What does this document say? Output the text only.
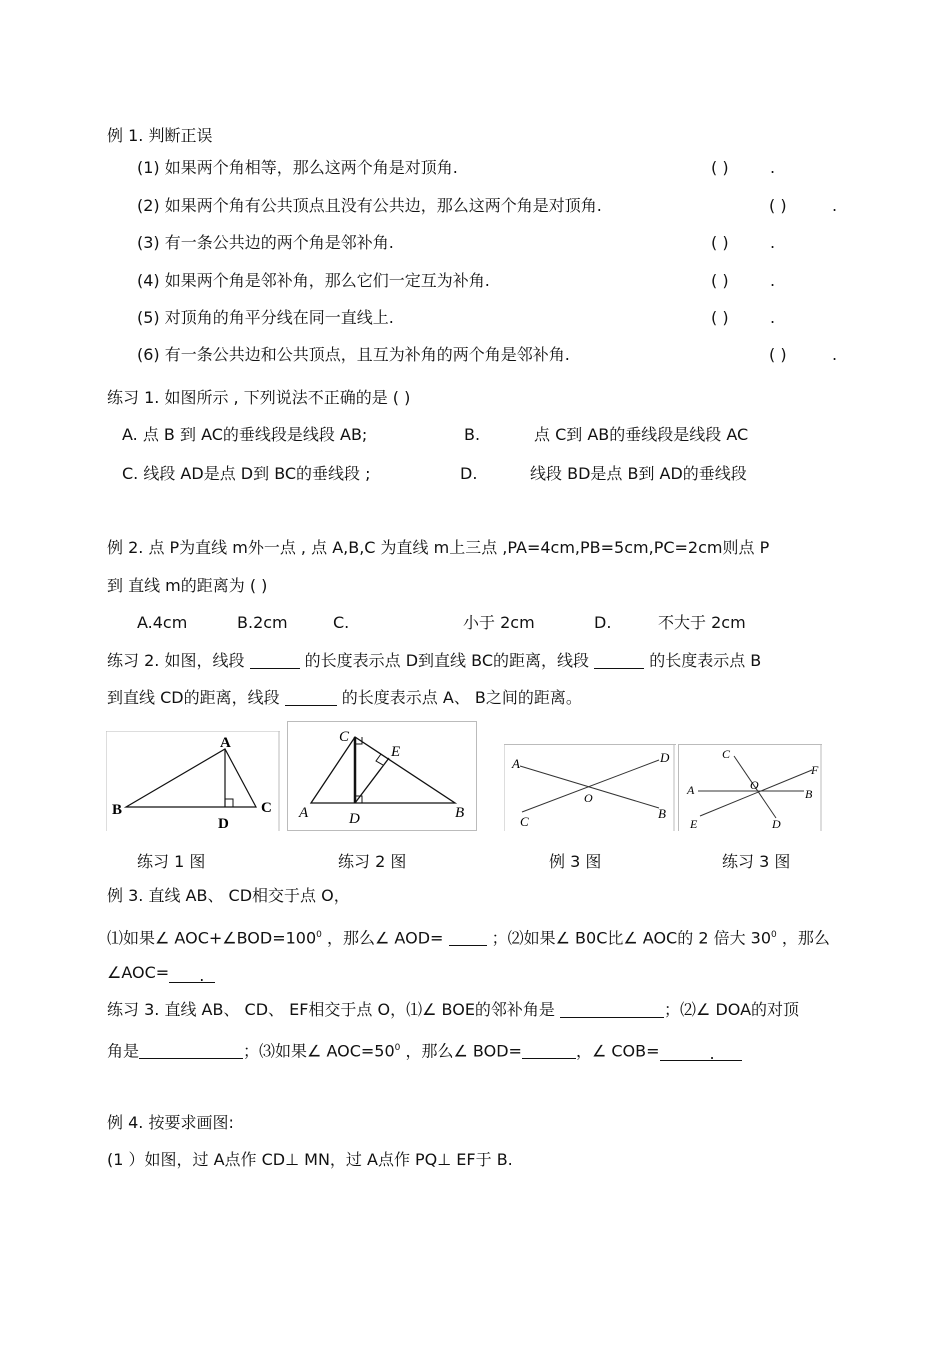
例 1. 判断正误
(1) 如果两个角相等，那么这两个角是对顶角.	( )	.
(2) 如果两个角有公共顶点且没有公共边，那么这两个角是对顶角.	( )	.
(3) 有一条公共边的两个角是邻补角.	( )	.
(4) 如果两个角是邻补角，那么它们一定互为补角.	( )	.
(5) 对顶角的角平分线在同一直线上.	( )	.
(6) 有一条公共边和公共顶点，且互为补角的两个角是邻补角.	( )	.
练习 1. 如图所示 , 下列说法不正确的是 ( )
A. 点 B 到 AC的垂线段是线段 AB;	B.	点 C到 AB的垂线段是线段 AC
C. 线段 AD是点 D到 BC的垂线段 ;	D.	线段 BD是点 B到 AD的垂线段
例 2. 点 P为直线 m外一点 , 点 A,B,C 为直线 m上三点 ,PA=4cm,PB=5cm,PC=2cm则点 P
到 直线 m的距离为 ( )
A.4cm	B.2cm	C.	小于 2cm	D.	不大于 2cm
练习 2. 如图，线段	的长度表示点 D到直线 BC的距离，线段	的长度表示点 B
到直线 CD的距离，线段	的长度表示点 A、 B之间的距离。
A
B	C
D
C
E
A	D	B
A	D
O
C
B
C
O
F
A	B
E	D
练习 1 图	练习 2 图	例 3 图	练习 3 图
例 3. 直线 AB、 CD相交于点 O，
⑴如果∠ $AOC+\angle BOD=100^0$ ，那么∠ AOD=	；⑵如果∠ B0C比∠ AOC的 2 倍大 $30^0$ ，那么
∠AOC= .
练习 3. 直线 AB、 CD、 EF相交于点 O，⑴∠ BOE的邻补角是	；⑵∠ DOA的对顶
角是	；⑶如果∠ $AOC=50^0$ ，那么∠ BOD=	，∠ COB=	.
例 4. 按要求画图:
(1 ）如图，过 A点作 CD⊥ MN，过 A点作 PQ⊥ EF于 B.
